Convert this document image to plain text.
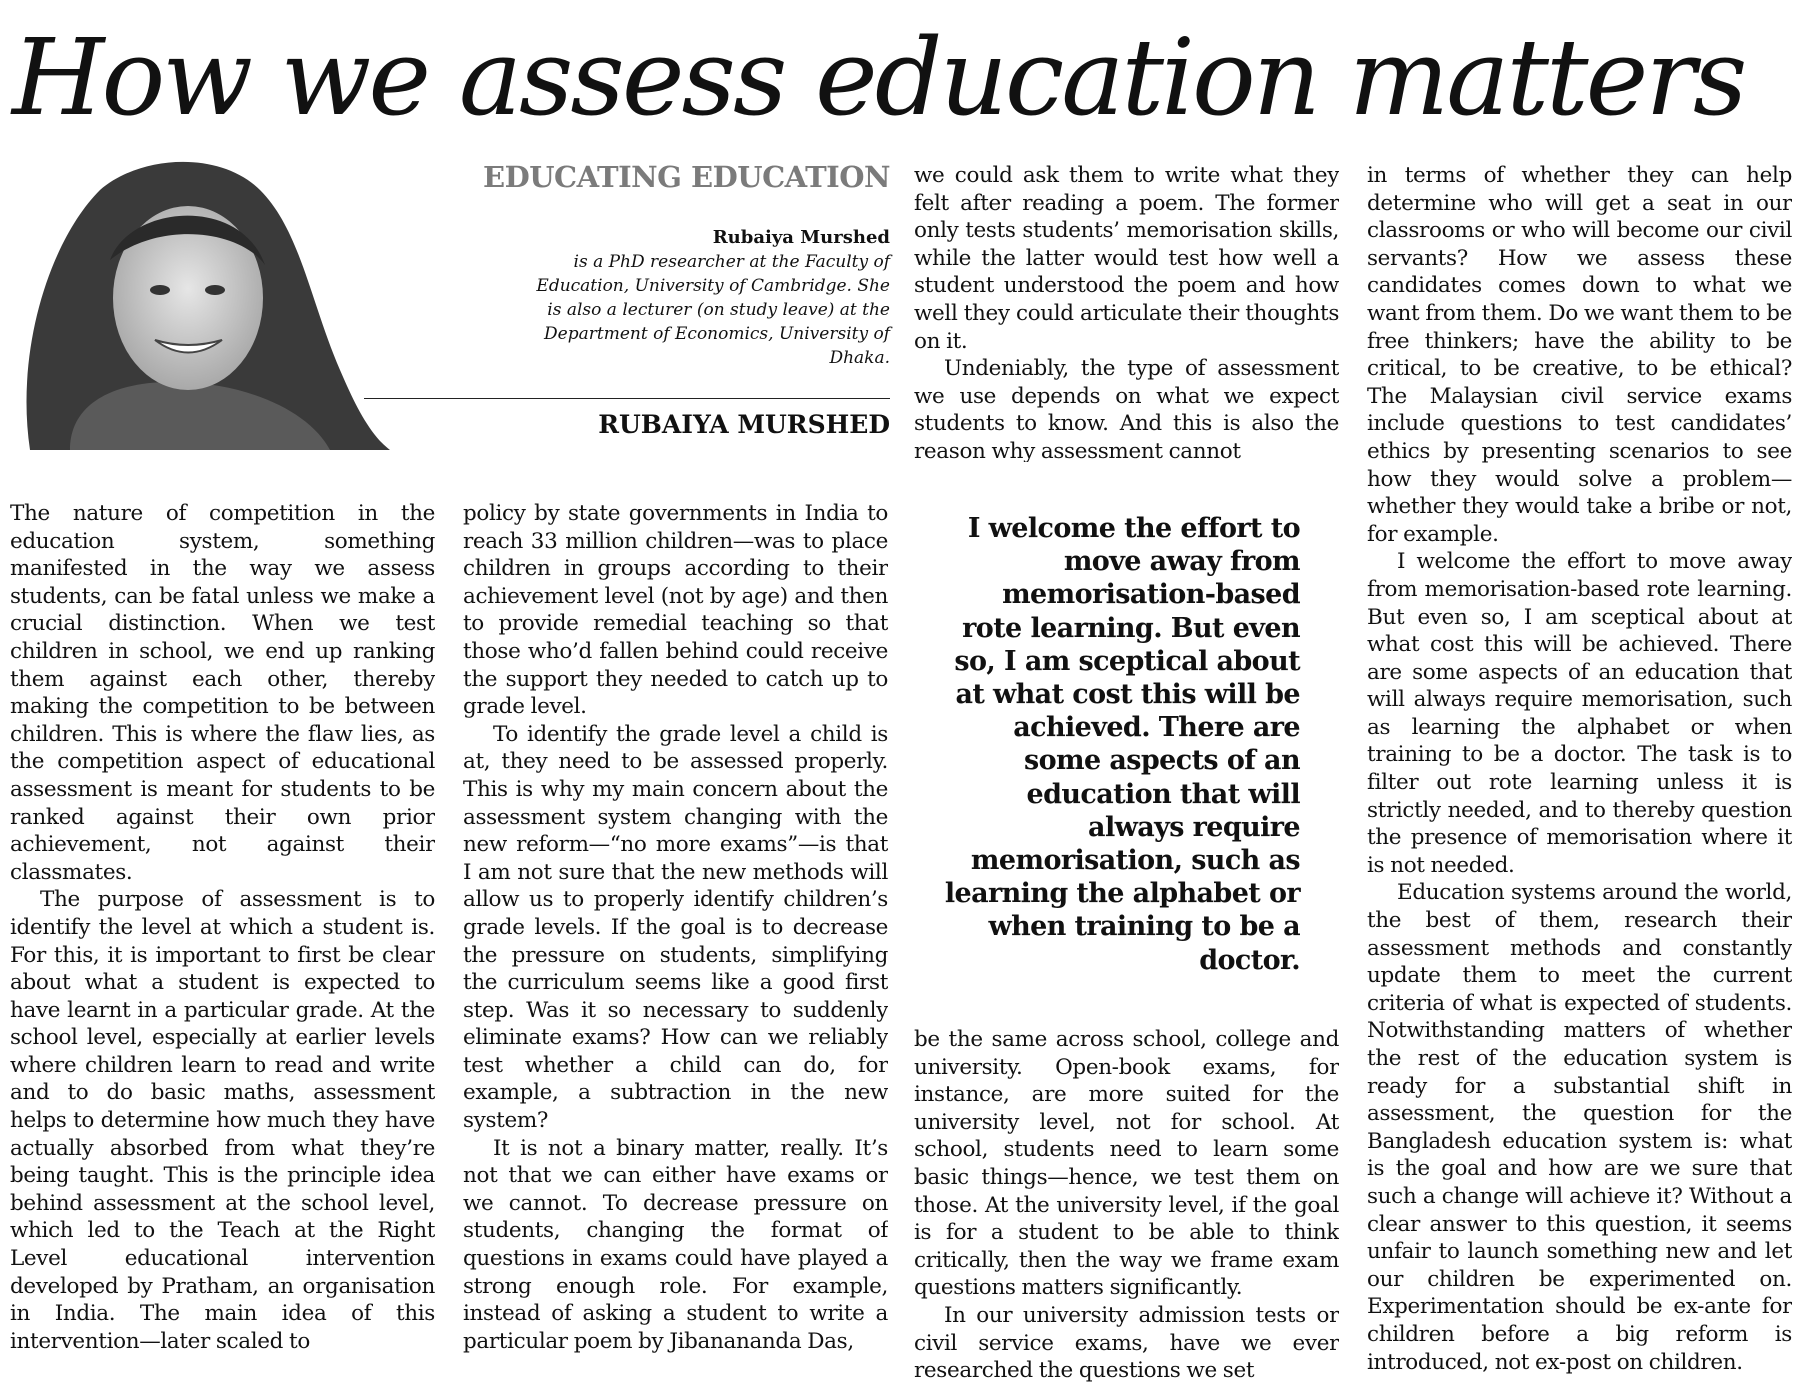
How we assess education matters
EDUCATING EDUCATION
Rubaiya Murshed
is a PhD researcher at the Faculty of Education, University of Cambridge. She is also a lecturer (on study leave) at the Department of Economics, University of Dhaka.
RUBAIYA MURSHED

The nature of competition in the education system, something manifested in the way we assess students, can be fatal unless we make a crucial distinction. When we test children in school, we end up ranking them against each other, thereby making the competition to be between children. This is where the flaw lies, as the competition aspect of educational assessment is meant for students to be ranked against their own prior achievement, not against their classmates.

The purpose of assessment is to identify the level at which a student is. For this, it is important to first be clear about what a student is expected to have learnt in a particular grade. At the school level, especially at earlier levels where children learn to read and write and to do basic maths, assessment helps to determine how much they have actually absorbed from what they’re being taught. This is the principle idea behind assessment at the school level, which led to the Teach at the Right Level educational intervention developed by Pratham, an organisation in India. The main idea of this intervention—later scaled to

policy by state governments in India to reach 33 million children—was to place children in groups according to their achievement level (not by age) and then to provide remedial teaching so that those who’d fallen behind could receive the support they needed to catch up to grade level.

To identify the grade level a child is at, they need to be assessed properly. This is why my main concern about the assessment system changing with the new reform—“no more exams”—is that I am not sure that the new methods will allow us to properly identify children’s grade levels. If the goal is to decrease the pressure on students, simplifying the curriculum seems like a good first step. Was it so necessary to suddenly eliminate exams? How can we reliably test whether a child can do, for example, a subtraction in the new system?

It is not a binary matter, really. It’s not that we can either have exams or we cannot. To decrease pressure on students, changing the format of questions in exams could have played a strong enough role. For example, instead of asking a student to write a particular poem by Jibanananda Das,

we could ask them to write what they felt after reading a poem. The former only tests students’ memorisation skills, while the latter would test how well a student understood the poem and how well they could articulate their thoughts on it.

Undeniably, the type of assessment we use depends on what we expect students to know. And this is also the reason why assessment cannot

I welcome the effort to move away from memorisation-based rote learning. But even so, I am sceptical about at what cost this will be achieved. There are some aspects of an education that will always require memorisation, such as learning the alphabet or when training to be a doctor.

be the same across school, college and university. Open-book exams, for instance, are more suited for the university level, not for school. At school, students need to learn some basic things—hence, we test them on those. At the university level, if the goal is for a student to be able to think critically, then the way we frame exam questions matters significantly.

In our university admission tests or civil service exams, have we ever researched the questions we set

in terms of whether they can help determine who will get a seat in our classrooms or who will become our civil servants? How we assess these candidates comes down to what we want from them. Do we want them to be free thinkers; have the ability to be critical, to be creative, to be ethical? The Malaysian civil service exams include questions to test candidates’ ethics by presenting scenarios to see how they would solve a problem—whether they would take a bribe or not, for example.

I welcome the effort to move away from memorisation-based rote learning. But even so, I am sceptical about at what cost this will be achieved. There are some aspects of an education that will always require memorisation, such as learning the alphabet or when training to be a doctor. The task is to filter out rote learning unless it is strictly needed, and to thereby question the presence of memorisation where it is not needed.

Education systems around the world, the best of them, research their assessment methods and constantly update them to meet the current criteria of what is expected of students. Notwithstanding matters of whether the rest of the education system is ready for a substantial shift in assessment, the question for the Bangladesh education system is: what is the goal and how are we sure that such a change will achieve it? Without a clear answer to this question, it seems unfair to launch something new and let our children be experimented on. Experimentation should be ex-ante for children before a big reform is introduced, not ex-post on children.
